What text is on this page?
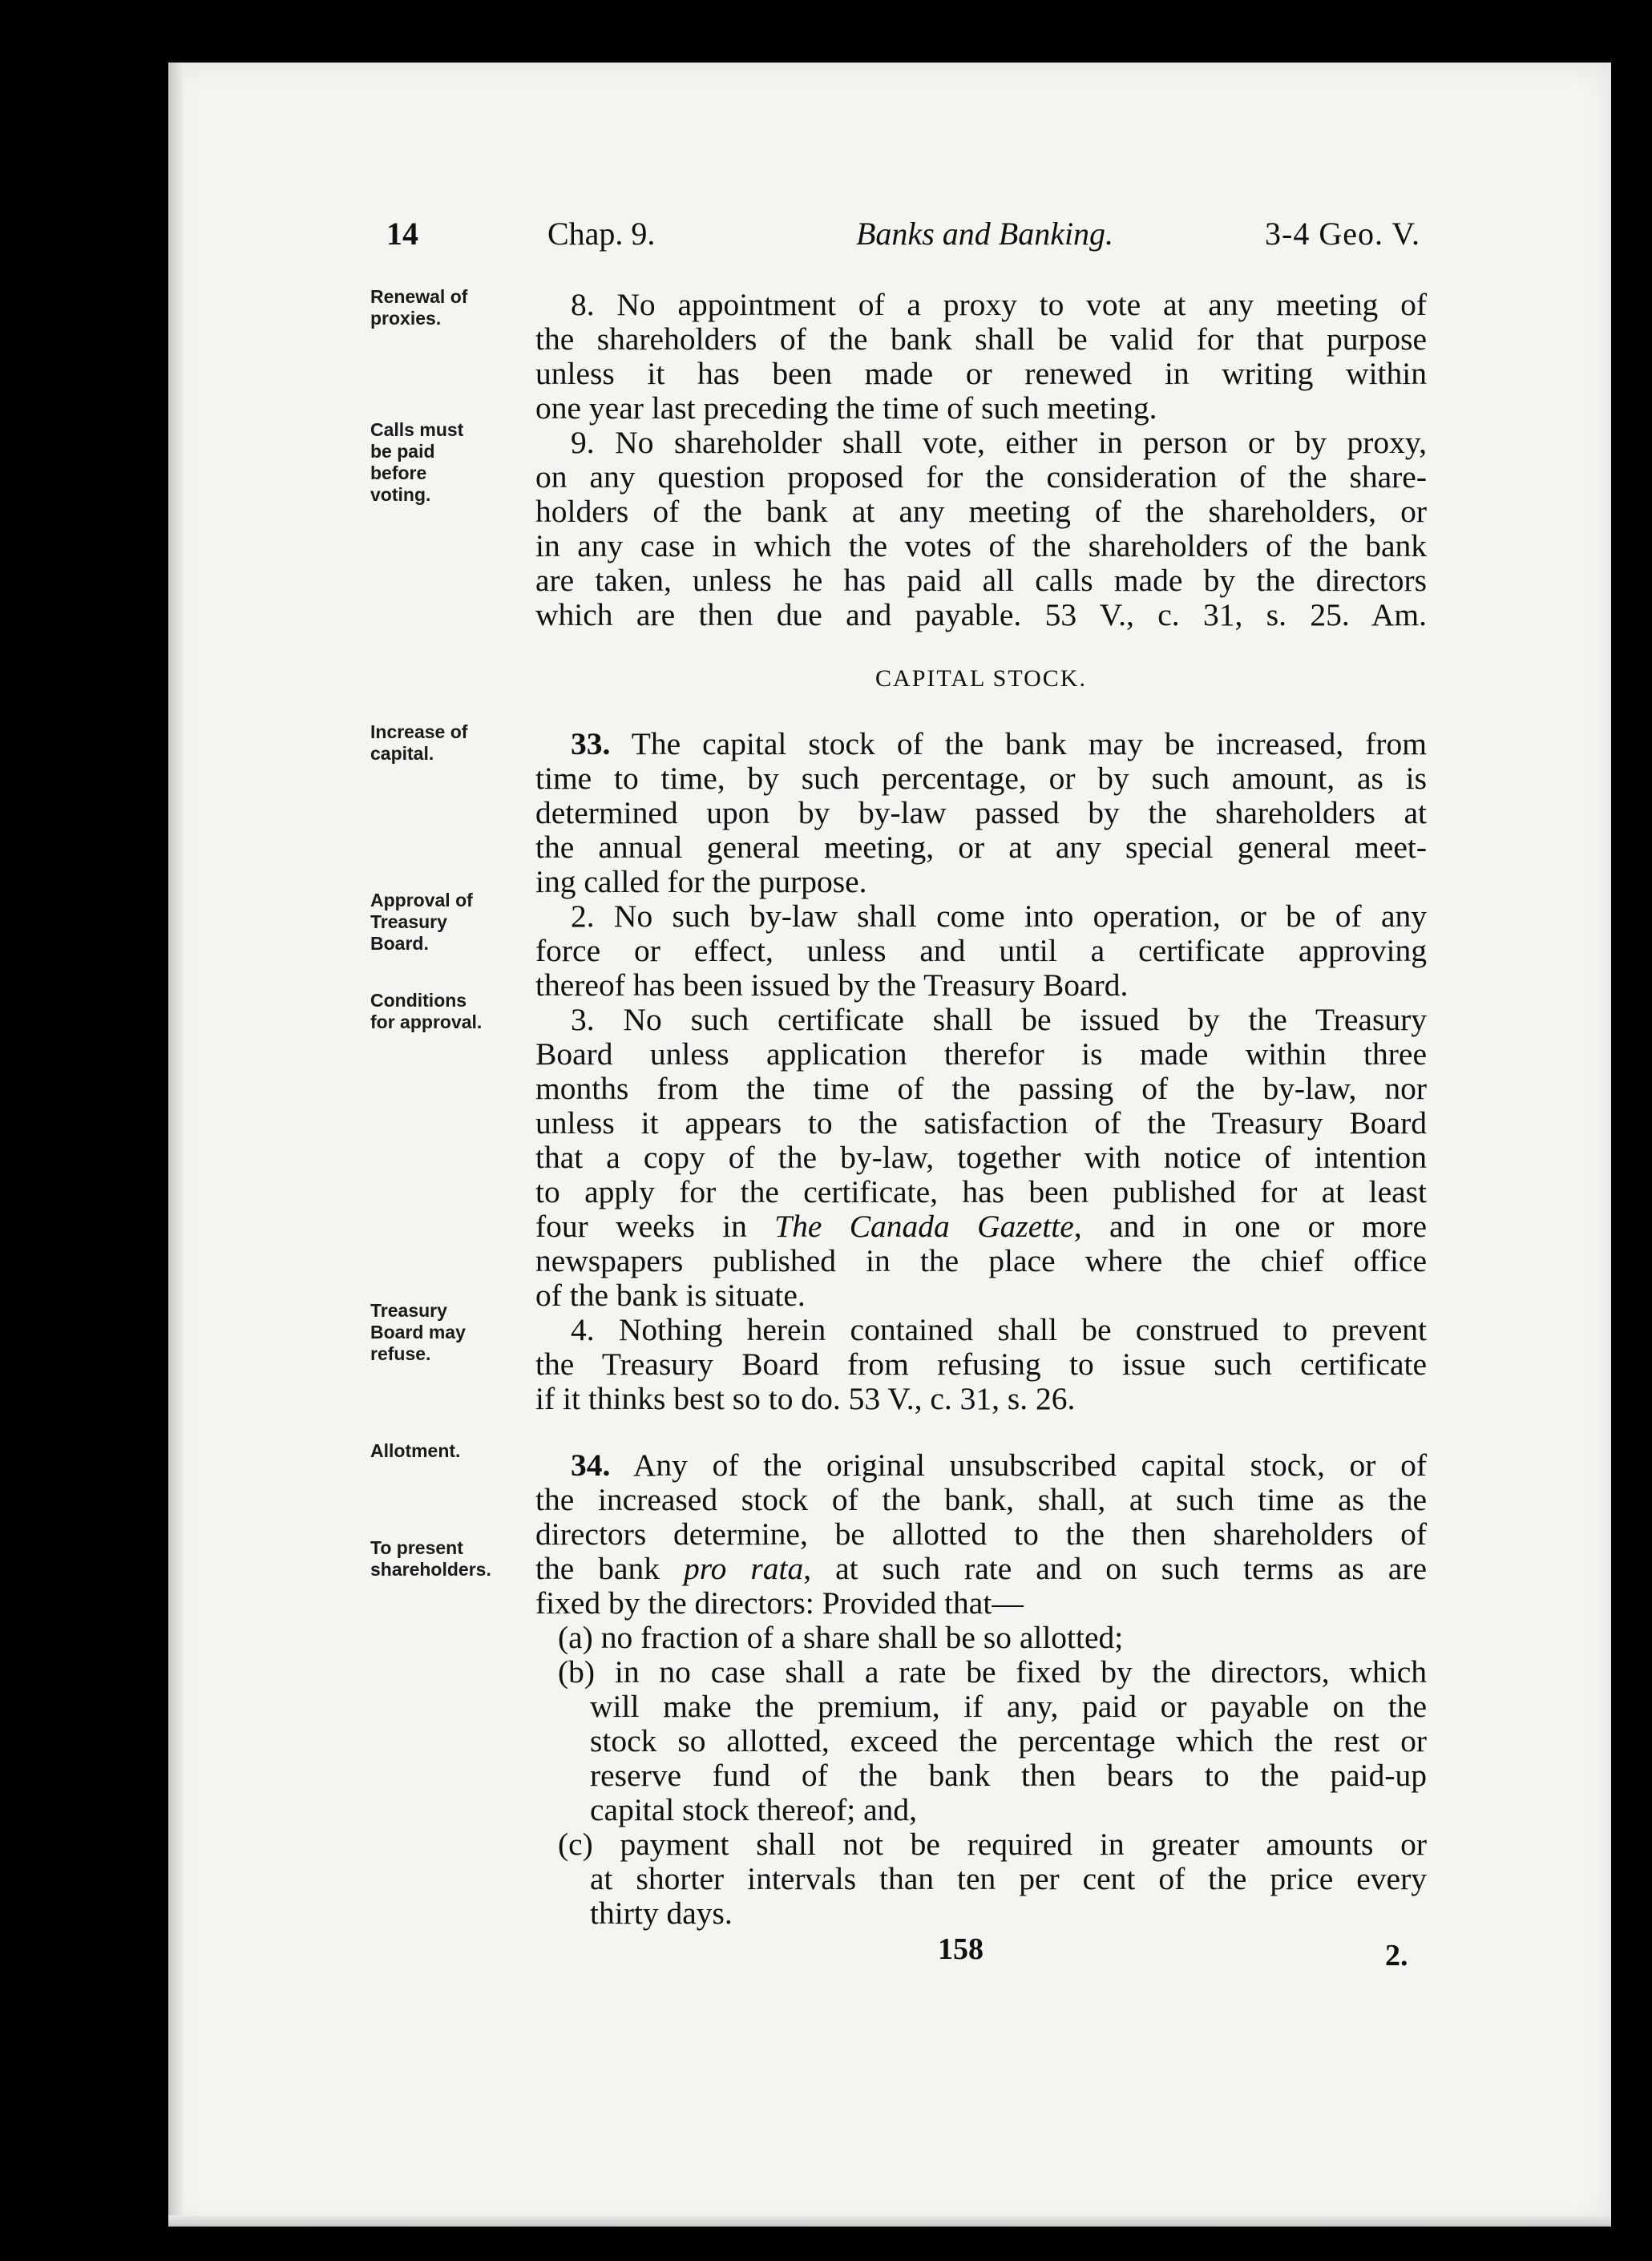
14	Chap. 9.	Banks and Banking.	3-4 Geo. V.
Renewal of
proxies.
Calls must
be paid
before
voting.
Increase of
capital.
Approval of
Treasury
Board.
Conditions
for approval.
Treasury
Board may
refuse.
Allotment.
To present
shareholders.
8. No appointment of a proxy to vote at any meeting of
the shareholders of the bank shall be valid for that purpose
unless it has been made or renewed in writing within
one year last preceding the time of such meeting.
9. No shareholder shall vote, either in person or by proxy,
on any question proposed for the consideration of the share-
holders of the bank at any meeting of the shareholders, or
in any case in which the votes of the shareholders of the bank
are taken, unless he has paid all calls made by the directors
which are then due and payable. 53 V., c. 31, s. 25. Am.
CAPITAL STOCK.
33. The capital stock of the bank may be increased, from
time to time, by such percentage, or by such amount, as is
determined upon by by-law passed by the shareholders at
the annual general meeting, or at any special general meet-
ing called for the purpose.
2. No such by-law shall come into operation, or be of any
force or effect, unless and until a certificate approving
thereof has been issued by the Treasury Board.
3. No such certificate shall be issued by the Treasury
Board unless application therefor is made within three
months from the time of the passing of the by-law, nor
unless it appears to the satisfaction of the Treasury Board
that a copy of the by-law, together with notice of intention
to apply for the certificate, has been published for at least
four weeks in The Canada Gazette, and in one or more
newspapers published in the place where the chief office
of the bank is situate.
4. Nothing herein contained shall be construed to prevent
the Treasury Board from refusing to issue such certificate
if it thinks best so to do. 53 V., c. 31, s. 26.
34. Any of the original unsubscribed capital stock, or of
the increased stock of the bank, shall, at such time as the
directors determine, be allotted to the then shareholders of
the bank pro rata, at such rate and on such terms as are
fixed by the directors: Provided that—
(a) no fraction of a share shall be so allotted;
(b) in no case shall a rate be fixed by the directors, which
will make the premium, if any, paid or payable on the
stock so allotted, exceed the percentage which the rest or
reserve fund of the bank then bears to the paid-up
capital stock thereof; and,
(c) payment shall not be required in greater amounts or
at shorter intervals than ten per cent of the price every
thirty days.
158	2.
